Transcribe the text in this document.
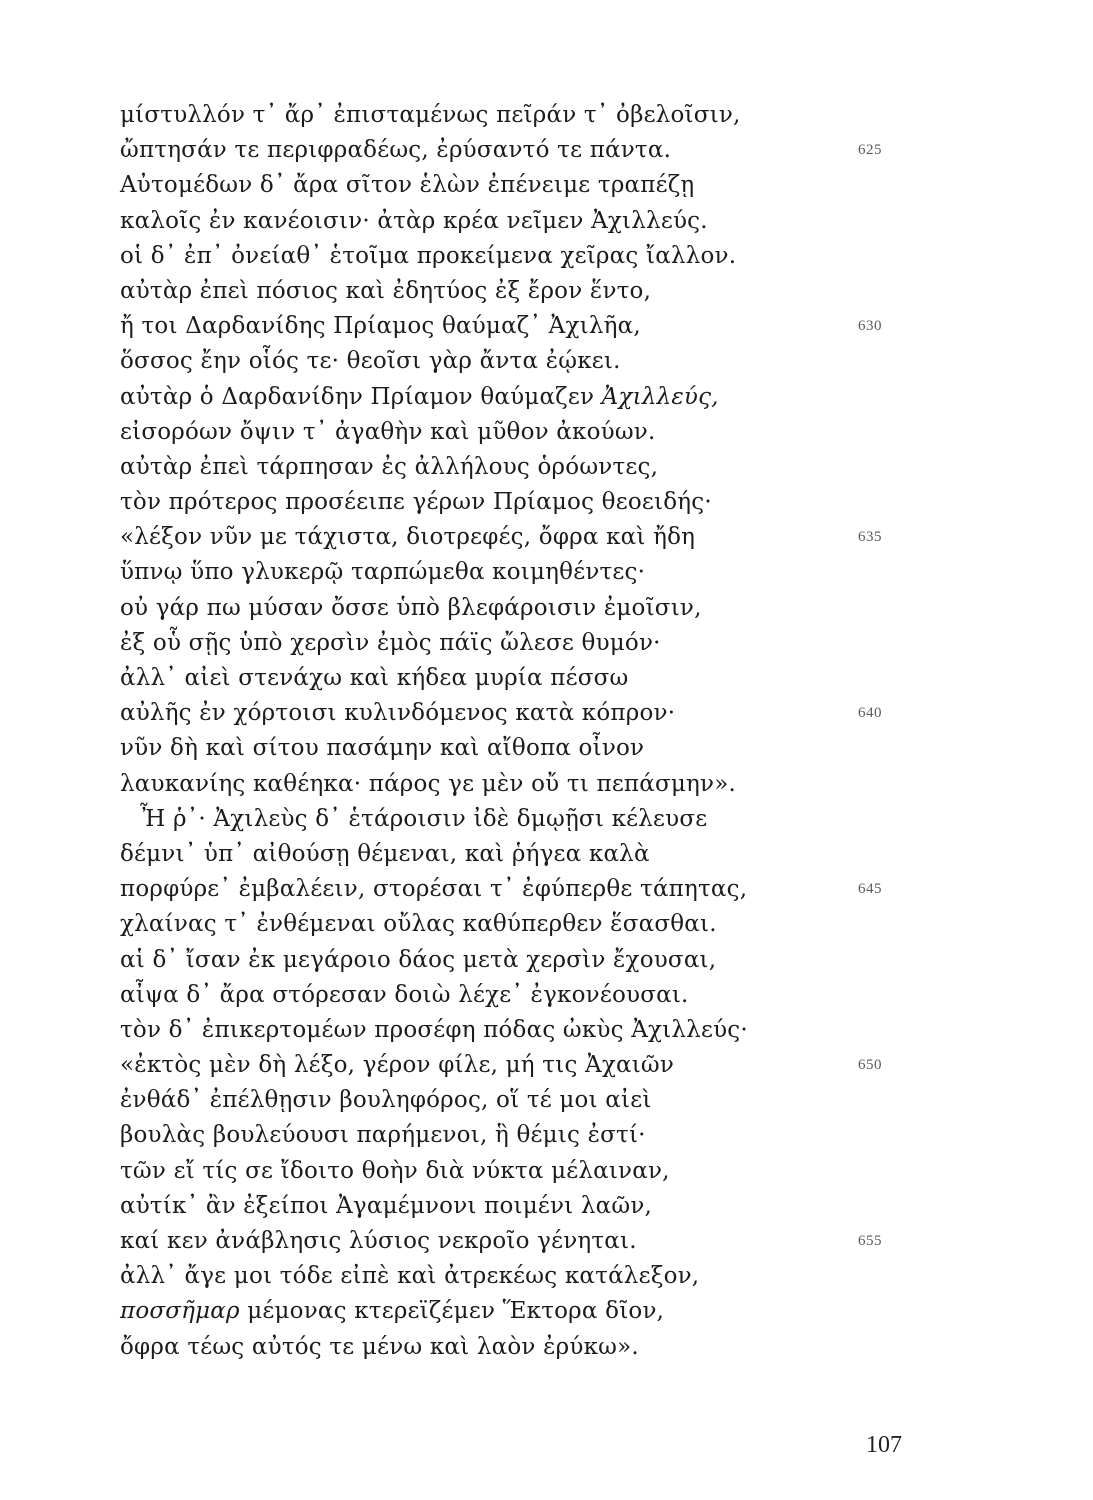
μίστυλλόν τ᾽ ἄρ᾽ ἐπισταμένως πεῖράν τ᾽ ὀβελοῖσιν,
ὤπτησάν τε περιφραδέως, ἐρύσαντό τε πάντα.	625
Αὐτομέδων δ᾽ ἄρα σῖτον ἑλὼν ἐπένειμε τραπέζῃ
καλοῖς ἐν κανέοισιν· ἀτὰρ κρέα νεῖμεν Ἀχιλλεύς.
οἱ δ᾽ ἐπ᾽ ὀνείαθ᾽ ἑτοῖμα προκείμενα χεῖρας ἴαλλον.
αὐτὰρ ἐπεὶ πόσιος καὶ ἐδητύος ἐξ ἔρον ἕντο,
ἤ τοι Δαρδανίδης Πρίαμος θαύμαζ᾽ Ἀχιλῆα,	630
ὅσσος ἔην οἷός τε· θεοῖσι γὰρ ἄντα ἐῴκει.
αὐτὰρ ὁ Δαρδανίδην Πρίαμον θαύμαζεν Ἀχιλλεύς,
εἰσορόων ὄψιν τ᾽ ἀγαθὴν καὶ μῦθον ἀκούων.
αὐτὰρ ἐπεὶ τάρπησαν ἐς ἀλλήλους ὁρόωντες,
τὸν πρότερος προσέειπε γέρων Πρίαμος θεοειδής·
«λέξον νῦν με τάχιστα, διοτρεφές, ὄφρα καὶ ἤδη	635
ὕπνῳ ὕπο γλυκερῷ ταρπώμεθα κοιμηθέντες·
οὐ γάρ πω μύσαν ὄσσε ὑπὸ βλεφάροισιν ἐμοῖσιν,
ἐξ οὗ σῇς ὑπὸ χερσὶν ἐμὸς πάϊς ὤλεσε θυμόν·
ἀλλ᾽ αἰεὶ στενάχω καὶ κήδεα μυρία πέσσω
αὐλῆς ἐν χόρτοισι κυλινδόμενος κατὰ κόπρον·	640
νῦν δὴ καὶ σίτου πασάμην καὶ αἴθοπα οἶνον
λαυκανίης καθέηκα· πάρος γε μὲν οὔ τι πεπάσμην».
Ἦ ῥ᾽· Ἀχιλεὺς δ᾽ ἑτάροισιν ἰδὲ δμῳῇσι κέλευσε
δέμνι᾽ ὑπ᾽ αἰθούσῃ θέμεναι, καὶ ῥήγεα καλὰ
πορφύρε᾽ ἐμβαλέειν, στορέσαι τ᾽ ἐφύπερθε τάπητας,	645
χλαίνας τ᾽ ἐνθέμεναι οὔλας καθύπερθεν ἕσασθαι.
αἱ δ᾽ ἴσαν ἐκ μεγάροιο δάος μετὰ χερσὶν ἔχουσαι,
αἶψα δ᾽ ἄρα στόρεσαν δοιὼ λέχε᾽ ἐγκονέουσαι.
τὸν δ᾽ ἐπικερτομέων προσέφη πόδας ὠκὺς Ἀχιλλεύς·
«ἐκτὸς μὲν δὴ λέξο, γέρον φίλε, μή τις Ἀχαιῶν	650
ἐνθάδ᾽ ἐπέλθῃσιν βουληφόρος, οἵ τέ μοι αἰεὶ
βουλὰς βουλεύουσι παρήμενοι, ἣ θέμις ἐστί·
τῶν εἴ τίς σε ἴδοιτο θοὴν διὰ νύκτα μέλαιναν,
αὐτίκ᾽ ἂν ἐξείποι Ἀγαμέμνονι ποιμένι λαῶν,
καί κεν ἀνάβλησις λύσιος νεκροῖο γένηται.	655
ἀλλ᾽ ἄγε μοι τόδε εἰπὲ καὶ ἀτρεκέως κατάλεξον,
ποσσῆμαρ μέμονας κτερεϊζέμεν Ἕκτορα δῖον,
ὄφρα τέως αὐτός τε μένω καὶ λαὸν ἐρύκω».
107
